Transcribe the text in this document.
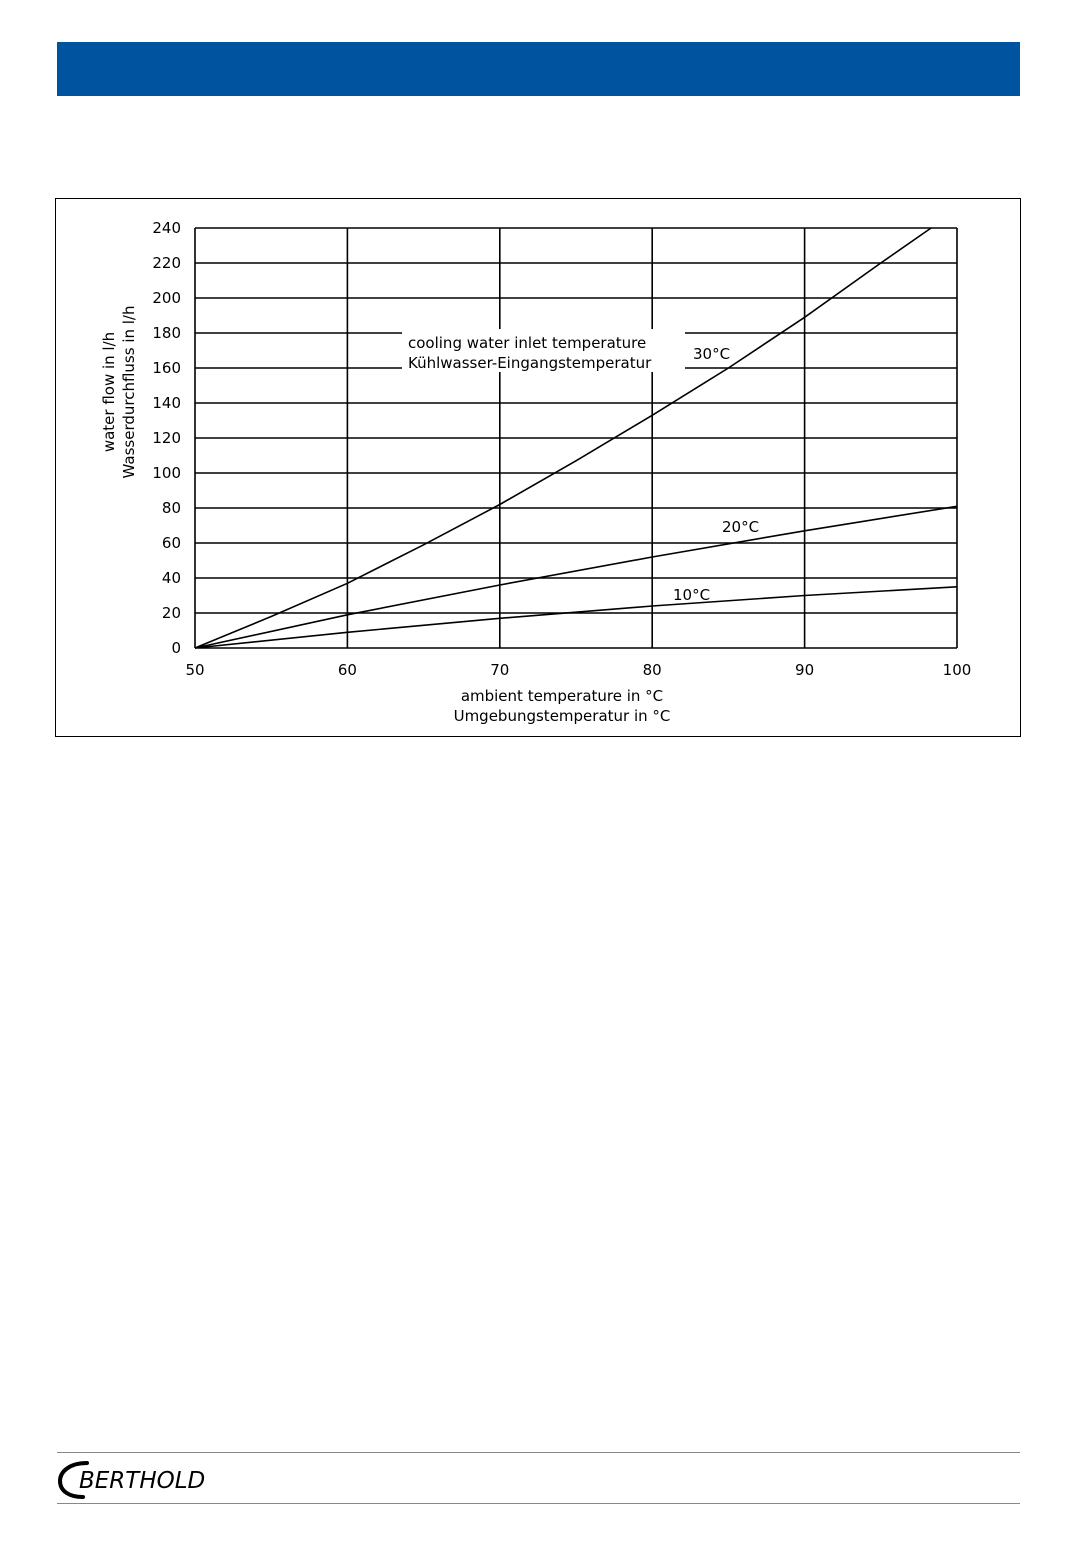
0
20
40
60
80
100
120
140
160
180
200
220
240
50	60	70	80	90	100
30°C
20°C
10°C
cooling water inlet temperature
Kühlwasser-Eingangstemperatur
ambient temperature in °C
Umgebungstemperatur in °C
water flow in l/h Wasserdurchfluss in l/h
BERTHOLD
